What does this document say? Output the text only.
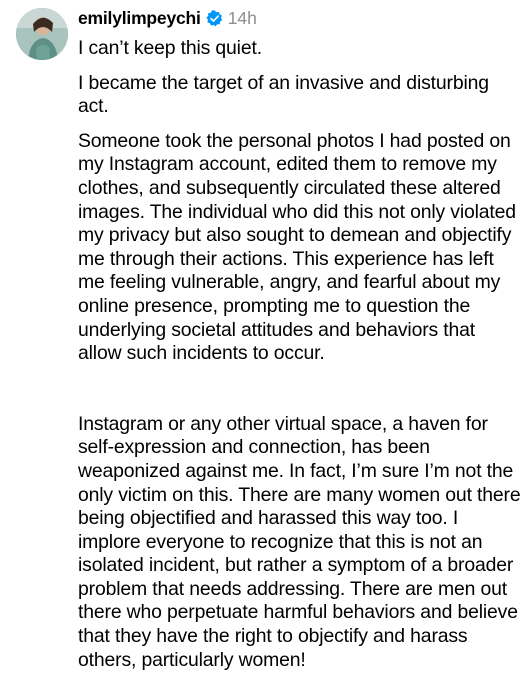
emilylimpeychi 14h

I can’t keep this quiet.

I became the target of an invasive and disturbing act.

Someone took the personal photos I had posted on my Instagram account, edited them to remove my clothes, and subsequently circulated these altered images. The individual who did this not only violated my privacy but also sought to demean and objectify me through their actions. This experience has left me feeling vulnerable, angry, and fearful about my online presence, prompting me to question the underlying societal attitudes and behaviors that allow such incidents to occur.

Instagram or any other virtual space, a haven for self-expression and connection, has been weaponized against me. In fact, I’m sure I’m not the only victim on this. There are many women out there being objectified and harassed this way too. I implore everyone to recognize that this is not an isolated incident, but rather a symptom of a broader problem that needs addressing. There are men out there who perpetuate harmful behaviors and believe that they have the right to objectify and harass others, particularly women!
